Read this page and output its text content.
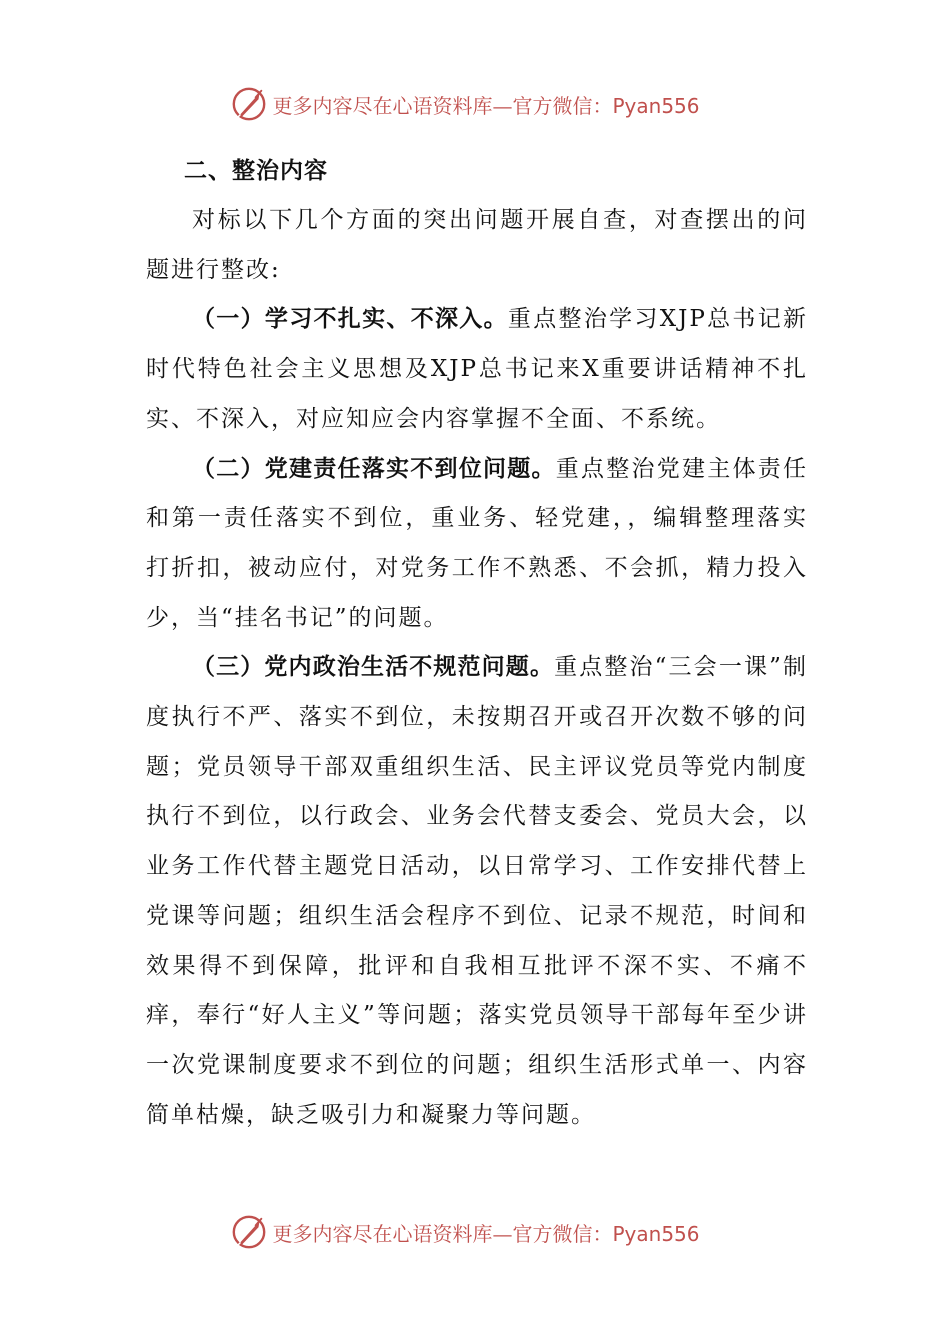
更多内容尽在心语资料库—官方微信：Pyan556
二、整治内容

对标以下几个方面的突出问题开展自查，对查摆出的问题进行整改:

（一）学习不扎实、不深入。重点整治学习XJP总书记新时代特色社会主义思想及XJP总书记来X重要讲话精神不扎实、不深入，对应知应会内容掌握不全面、不系统。

（二）党建责任落实不到位问题。重点整治党建主体责任和第一责任落实不到位，重业务、轻党建，，编辑整理落实打折扣，被动应付，对党务工作不熟悉、不会抓，精力投入少，当“挂名书记”的问题。

（三）党内政治生活不规范问题。重点整治“三会一课”制度执行不严、落实不到位，未按期召开或召开次数不够的问题；党员领导干部双重组织生活、民主评议党员等党内制度执行不到位，以行政会、业务会代替支委会、党员大会，以业务工作代替主题党日活动，以日常学习、工作安排代替上党课等问题；组织生活会程序不到位、记录不规范，时间和效果得不到保障，批评和自我相互批评不深不实、不痛不痒，奉行“好人主义”等问题；落实党员领导干部每年至少讲一次党课制度要求不到位的问题；组织生活形式单一、内容简单枯燥，缺乏吸引力和凝聚力等问题。

更多内容尽在心语资料库—官方微信：Pyan556
